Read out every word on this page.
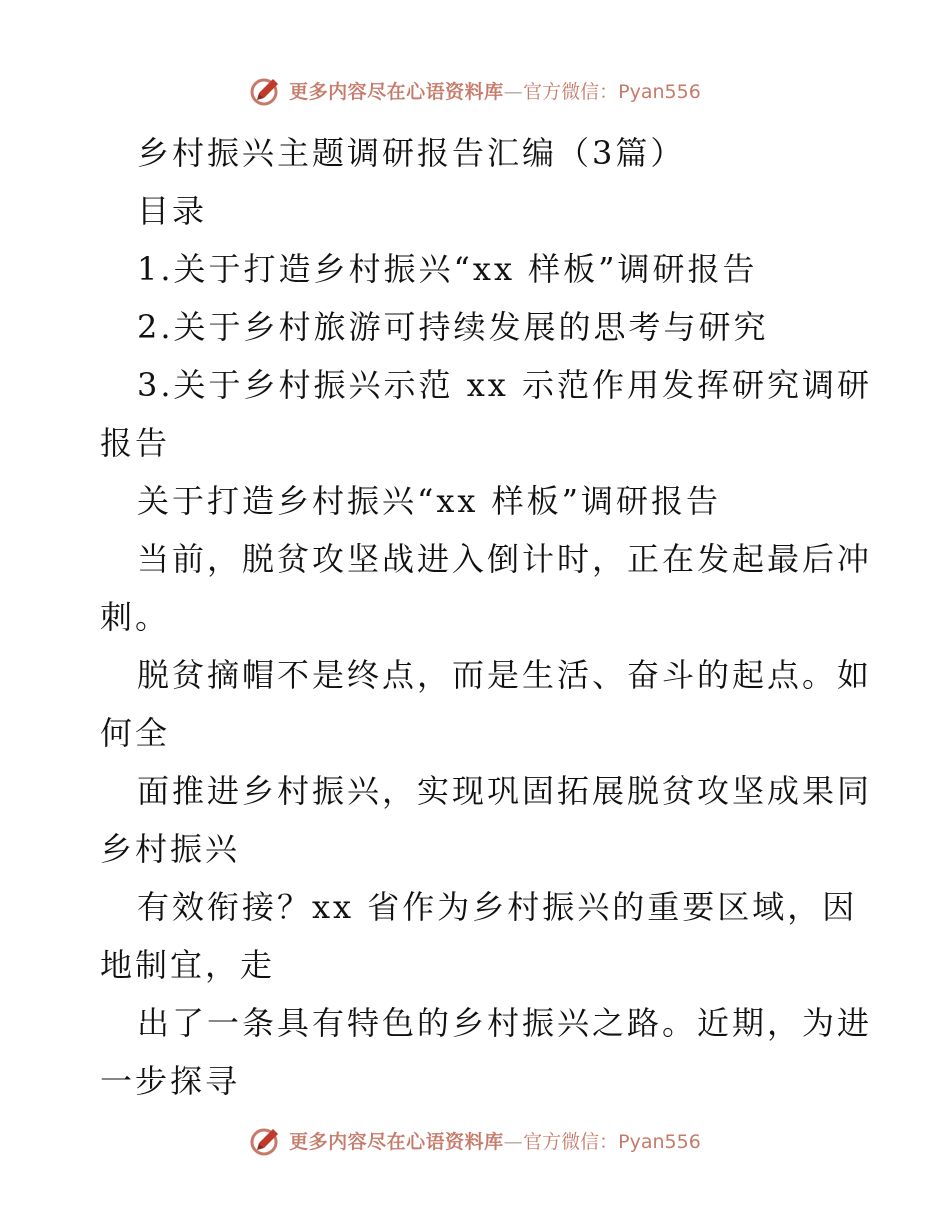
更多内容尽在心语资料库—官方微信：Pyan556
乡村振兴主题调研报告汇编（3篇）
目录
1.关于打造乡村振兴“xx 样板”调研报告
2.关于乡村旅游可持续发展的思考与研究
3.关于乡村振兴示范 xx 示范作用发挥研究调研
报告
关于打造乡村振兴“xx 样板”调研报告
当前，脱贫攻坚战进入倒计时，正在发起最后冲
刺。
脱贫摘帽不是终点，而是生活、奋斗的起点。如
何全
面推进乡村振兴，实现巩固拓展脱贫攻坚成果同
乡村振兴
有效衔接？xx 省作为乡村振兴的重要区域，因
地制宜，走
出了一条具有特色的乡村振兴之路。近期，为进
一步探寻
更多内容尽在心语资料库—官方微信：Pyan556
